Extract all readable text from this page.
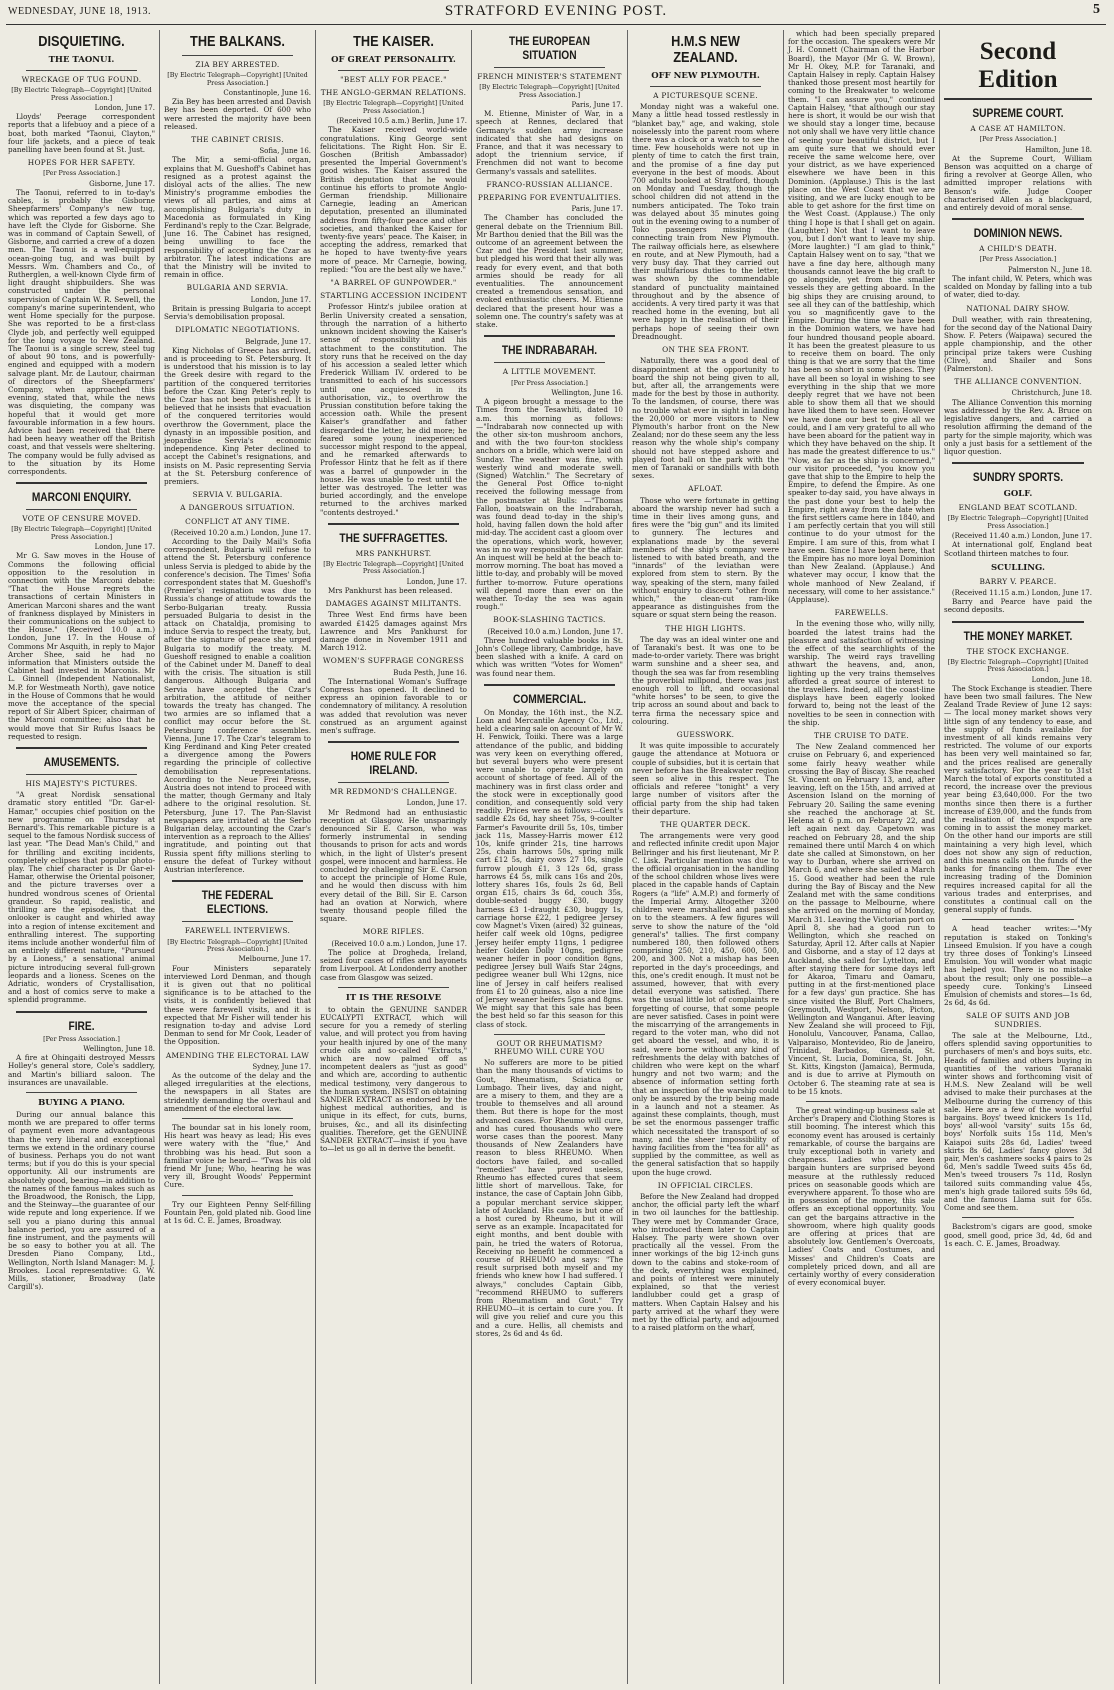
WEDNESDAY, JUNE 18, 1913.	STRATFORD EVENING POST.	5
DISQUIETING.
THE TAONUI.
WRECKAGE OF TUG FOUND.
[By Electric Telegraph—Copyright] [United Press Association.]
London, June 17.

Lloyds' Peerage correspondent reports that a lifebuoy and a piece of a boat, both marked "Taonui, Clayton," four life jackets, and a piece of teak panelling have been found at St. Just.

HOPES FOR HER SAFETY.
[Per Press Association.]
Gisborne, June 17.

The Taonui, referred to in to-day's cables, is probably the Gisborne Sheepfarmers' Company's new tug, which was reported a few days ago to have left the Clyde for Gisborne. She was in command of Captain Sewell, of Gisborne, and carried a crew of a dozen men. The Taonui is a well-equipped ocean-going tug, and was built by Messrs. Wm. Chambers and Co., of Rutherglen, a well-known Clyde firm of light draught shipbuilders. She was constructed under the personal supervision of Captain W. R. Sewell, the company's marine superintendent, who went Home specially for the purpose. She was reported to be a first-class Clyde job, and perfectly well equipped for the long voyage to New Zealand. The Taonui is a single screw, steel tug of about 90 tons, and is powerfully-engined and equipped with a modern salvage plant. Mr. de Lautour, chairman of directors of the Sheepfarmers' Company, when approached this evening, stated that, while the news was disquieting, the company was hopeful that it would get more favourable information in a few hours. Advice had been received that there had been heavy weather off the British coast, and that vessels were sheltering. The company would be fully advised as to the situation by its Home correspondents.

MARCONI ENQUIRY.
VOTE OF CENSURE MOVED.
[By Electric Telegraph—Copyright] [United Press Association.]
London, June 17.

Mr G. Saw moves in the House of Commons the following official opposition to the resolution in connection with the Marconi debate: "That the House regrets the transactions of certain Ministers in American Marconi shares and the want of frankness displayed by Ministers in their communications on the subject to the House." (Received 10.0 a.m.) London, June 17. In the House of Commons Mr Asquith, in reply to Major Archer Shee, said he had no information that Ministers outside the Cabinet had invested in Marconis. Mr L. Ginnell (Independent Nationalist, M.P. for Westmeath North), gave notice in the House of Commons that he would move the acceptance of the special report of Sir Albert Spicer, chairman of the Marconi committee; also that he would move that Sir Rufus Isaacs be requested to resign.

AMUSEMENTS.
HIS MAJESTY'S PICTURES.

"A great Nordisk sensational dramatic story entitled "Dr. Gar-el-Hamar," occupies chief position on the new programme on Thursday at Bernard's. This remarkable picture is a sequel to the famous Nordisk success of last year. "The Dead Man's Child," and for thrilling and exciting incidents, completely eclipses that popular photo-play. The chief character is Dr Gar-el-Hamar, otherwise the Oriental poisoner, and the picture traverses over a hundred wondrous scenes of Oriental grandeur. So rapid, realistic, and thrilling are the episodes, that the onlooker is caught and whirled away into a region of intense excitement and enthralling interest. The supporting items include another wonderful film of an entirely different nature, "Pursued by a Lioness," a sensational animal picture introducing several full-grown leopards and a lioness. Scenes on the Adriatic, wonders of Crystallisation, and a host of comics serve to make a splendid programme.

FIRE.
[Per Press Association.]
Wellington, June 18.

A fire at Ohingaiti destroyed Messrs Holley's general store, Cole's saddlery, and Martin's billiard saloon. The insurances are unavailable.

BUYING A PIANO.

During our annual balance this month we are prepared to offer terms of payment even more advantageous than the very liberal and exceptional terms we extend in the ordinary course of business. Perhaps you do not want terms; but if you do this is your special opportunity. All our instruments are absolutely good, bearing—in addition to the names of the famous makes such as the Broadwood, the Ronisch, the Lipp, and the Steinway—the guarantee of our wide repute and long experience. If we sell you a piano during this annual balance period, you are assured of a fine instrument, and the payments will be so easy to bother you at all. The Dresden Piano Company, Ltd., Wellington, North Island Manager: M. J. Brookes. Local representative: G. W. Mills, stationer, Broadway (late Cargill's).

THE BALKANS.
ZIA BEY ARRESTED.
[By Electric Telegraph—Copyright] [United Press Association.]
Constantinople, June 16.

Zia Bey has been arrested and Davish Bey has been deported. Of 600 who were arrested the majority have been released.

THE CABINET CRISIS.
Sofia, June 16.

The Mir, a semi-official organ, explains that M. Gueshoff's Cabinet has resigned as a protest against the disloyal acts of the allies. The new Ministry's programme embodies the views of all parties, and aims at accomplishing Bulgaria's duty in Macedonia as formulated in King Ferdinand's reply to the Czar. Belgrade, June 16. The Cabinet has resigned, being unwilling to face the responsibility of accepting the Czar as arbitrator. The latest indications are that the Ministry will be invited to remain in office.

BULGARIA AND SERVIA.
London, June 17.

Britain is pressing Bulgaria to accept Servia's demobilisation proposal.

DIPLOMATIC NEGOTIATIONS.
Belgrade, June 17.

King Nicholas of Greece has arrived, and is proceeding to St. Petersburg. It is understood that his mission is to lay the Greek desire with regard to the partition of the conquered territories before the Czar. King Peter's reply to the Czar has not been published. It is believed that he insists that evacuation of the conquered territories would overthrow the Government, place the dynasty in an impossible position, and jeopardise Servia's economic independence. King Peter declined to accept the Cabinet's resignations, and insists on M. Pasic representing Servia at the St. Petersburg conference of premiers.

SERVIA V. BULGARIA.
A DANGEROUS SITUATION.
CONFLICT AT ANY TIME.
(Received 10.20 a.m.) London, June 17.

According to the Daily Mail's Sofia correspondent, Bulgaria will refuse to attend the St. Petersburg conference unless Servia is pledged to abide by the conference's decision. The Times' Sofia correspondent states that M. Gueshoff's (Premier's) resignation was due to Russia's change of attitude towards the Serbo-Bulgarian treaty. Russia persuaded Bulgaria to desist in the attack on Chataldja, promising to induce Servia to respect the treaty, but, after the signature of peace she urged Bulgaria to modify the treaty. M. Gueshoff resigned to enable a coalition of the Cabinet under M. Daneff to deal with the crisis. The situation is still dangerous. Although Bulgaria and Servia have accepted the Czar's arbitration, the attitude of neither towards the treaty has changed. The two armies are so inflamed that a conflict may occur before the St. Petersburg conference assembles. Vienna, June 17. The Czar's telegram to King Ferdinand and King Peter created a divergence among the Powers regarding the principle of collective demobilisation representations. According to the Neue Frei Presse, Austria does not intend to proceed with the matter, though Germany and Italy adhere to the original resolution. St. Petersburg, June 17. The Pan-Slavist newspapers are irritated at the Serbo Bulgarian delay, accounting the Czar's intervention as a reproach to the Allies' ingratitude, and pointing out that Russia spent fifty millions sterling to ensure the defeat of Turkey without Austrian interference.

THE FEDERAL ELECTIONS.
FAREWELL INTERVIEWS.
[By Electric Telegraph—Copyright] [United Press Association.]
Melbourne, June 17.

Four Ministers separately interviewed Lord Denman, and though it is given out that no political significance is to be attached to the visits, it is confidently believed that these were farewell visits, and it is expected that Mr Fisher will tender his resignation to-day and advise Lord Denman to send for Mr Cook, Leader of the Opposition.

AMENDING THE ELECTORAL LAW
Sydney, June 17.

As the outcome of the delay and the alleged irregularities at the elections, the newspapers in all States are stridently demanding the overhaul and amendment of the electoral law.

The boundar sat in his lonely room, His heart was heavy as lead; His eves were watery with the "flue," And throbbing was his head. But soon a familiar voice he heard— "Twas his old friend Mr June; Who, hearing he was very ill, Brought Woods' Peppermint Cure.

Try our Eighteen Penny Self-filling Fountain Pen, gold plated nib. Good line at 1s 6d. C. E. James, Broadway.

THE KAISER.
OF GREAT PERSONALITY.
"BEST ALLY FOR PEACE."
THE ANGLO-GERMAN RELATIONS.
[By Electric Telegraph—Copyright] [United Press Association.]
(Received 10.5 a.m.) Berlin, June 17.

The Kaiser received world-wide congratulations. King George sent felicitations. The Right Hon. Sir E. Goschen (British Ambassador) presented the Imperial Government's good wishes. The Kaiser assured the British deputation that he would continue his efforts to promote Anglo-German friendship. Millionaire Carnegie, leading an American deputation, presented an illuminated address from fifty-four peace and other societies, and thanked the Kaiser for twenty-five years' peace. The Kaiser, in accepting the address, remarked that he hoped to have twenty-five years more of peace. Mr Carnegie, bowing, replied: "You are the best ally we have."

"A BARREL OF GUNPOWDER."
STARTLING ACCESSION INCIDENT

Professor Hintz's jubilee oration at Berlin University created a sensation, through the narration of a hitherto unknown incident showing the Kaiser's sense of responsibility and his attachment to the constitution. The story runs that he received on the day of his accession a sealed letter which Frederick William IV. ordered to be transmitted to each of his successors until one acquiesced in its authorisation, viz., to overthrow the Prussian constitution before taking the accession oath. While the present Kaiser's grandfather and father disregarded the letter, he did more; he feared some young inexperienced successor might respond to the appeal, and he remarked afterwards to Professor Hintz that he felt as if there was a barrel of gunpowder in the house. He was unable to rest until the letter was destroyed. The letter was buried accordingly, and the envelope returned to the archives marked "contents destroyed."

THE SUFFRAGETTES.
MRS PANKHURST.
[By Electric Telegraph—Copyright] [United Press Association.]
London, June 17.

Mrs Pankhurst has been released.

DAMAGES AGAINST MILITANTS.

Three West End firms have been awarded £1425 damages against Mrs Lawrence and Mrs Pankhurst for damage done in November 1911 and March 1912.

WOMEN'S SUFFRAGE CONGRESS
Buda Pesth, June 16.

The International Woman's Suffrage Congress has opened. It declined to express an opinion favorable to or condemnatory of militancy. A resolution was added that revolution was never construed as an argument against men's suffrage.

HOME RULE FOR IRELAND.
MR REDMOND'S CHALLENGE.
London, June 17.

Mr Redmond had an enthusiastic reception at Glasgow. He unsparingly denounced Sir E. Carson, who was formerly instrumental in sending thousands to prison for acts and words which, in the light of Ulster's present gospel, were innocent and harmless. He concluded by challenging Sir E. Carson to accept the principle of Home Rule, and he would then discuss with him every detail of the Bill. Sir E. Carson had an ovation at Norwich, where twenty thousand people filled the square.

MORE RIFLES.
(Received 10.0 a.m.) London, June 17.

The police at Drogheda, Ireland, seized four cases of rifles and bayonets from Liverpool. At Londonderry another case from Glasgow was seized.

IT IS THE RESOLVE

to obtain the GENUINE SANDER EUCALYPTI EXTRACT, which will secure for you a remedy of sterling value, and will protect you from having your health injured by one of the many crude oils and so-called "Extracts," which are now palmed off as incompetent dealers as "just as good" and which are, according to authentic medical testimony, very dangerous to the human system. INSIST on obtaining SANDER EXTRACT as endorsed by the highest medical authorities, and is unique in its effect, for cuts, burns, bruises, &c., and all its disinfecting qualities. Therefore, get the GENUINE SANDER EXTRACT—insist if you have to—let us go all in derive the benefit.

THE EUROPEAN SITUATION
FRENCH MINISTER'S STATEMENT
[By Electric Telegraph—Copyright] [United Press Association.]
Paris, June 17.

M. Etienne, Minister of War, in a speech at Rennes, declared that Germany's sudden army increase indicated that she had designs on France, and that it was necessary to adopt the triennium service, if Frenchmen did not want to become Germany's vassals and satellites.

FRANCO-RUSSIAN ALLIANCE.
PREPARING FOR EVENTUALITIES.
Paris, June 17.

The Chamber has concluded the general debate on the Triennium Bill. Mr Barthou denied that the Bill was the outcome of an agreement between the Czar and the President last summer, but pledged his word that their ally was ready for every event, and that both armies should be ready for all eventualities. The announcement created a tremendous sensation, and evoked enthusiastic cheers. M. Etienne declared that the present hour was a solemn one. The country's safety was at stake.

THE INDRABARAH.
A LITTLE MOVEMENT.
[Per Press Association.]
Wellington, June 16.

A pigeon brought a message to the Times from the Tesawhiti, dated 10 a.m. this morning as follows:—"Indrabarah now connected up with the other six-ton mushroom anchors, and with the two four-ton stockless anchors on a bridle, which were laid on Sunday. The weather was fine, with westerly wind and moderate swell. (Signed) Watchlin." The Secretary of the General Post Office to-night received the following message from the postmaster at Bulls: —"Thomas Fallon, boatswain on the Indrabarah, was found dead to-day in the ship's hold, having fallen down the hold after mid-day. The accident cast a gloom over the operations, which work, however, was in no way responsible for the affair. An inquest will be held at the beach to-morrow morning. The boat has moved a little to-day, and probably will be moved further to-morrow. Future operations will depend more than ever on the weather. To-day the sea was again rough."

BOOK-SLASHING TACTICS.
(Received 10.0 a.m.) London, June 17.

Three hundred valuable books in St. John's College library, Cambridge, have been slashed with a knife. A card on which was written "Votes for Women" was found near them.

COMMERCIAL.

On Monday, the 16th inst., the N.Z. Loan and Mercantile Agency Co., Ltd., held a clearing sale on account of Mr W. H. Fenwick, Toiiki. There was a large attendance of the public, and bidding was very keen on everything offered, but several buyers who were present were unable to operate largely on account of shortage of feed. All of the machinery was in first class order and the stock were in exceptionally good condition, and consequently sold very readily. Prices were as follows:—Gent's saddle £2s 6d, hay sheet 75s, 9-coulter Farmer's Favourite drill 5s, 10s, timber jack 11s, Massey-Harris mower £12 10s, knife grinder 21s, tine harrows 25s, chain harrows 50s, spring milk cart £12 5s, dairy cows 27 10s, single furrow plough £1, 3 12s 6d, grass harrows £4 5s, milk cans 16s and 20s, lottery shares 16s, fouls 2s 6d, Bell organ £15, chairs 3s 6d, couch 35s, double-seated buggy £30, buggy harness £3 1-draught £30, buggy 1s, carriage horse £22, 1 pedigree Jersey cow Magnet's Vixen (aired) 32 guineas, heifer calf week old 10gns, pedigree Jersey heifer empty 11gns, 1 pedigree heifer Golden Dolly 10gns, pedigree weaner heifer in poor condition 8gns, pedigree Jersey bull Waifs Star 24gns, pedigree weaner bull Whi 12gns, nice line of Jersey in calf heifers realised from £1 to 20 guineas, also a nice line of Jersey weaner heifers 5gns and 8gns. We might say that this sale has been the best held so far this season for this class of stock.

GOUT OR RHEUMATISM? RHEUMO WILL CURE YOU

No sufferers are more to be pitied than the many thousands of victims to Gout, Rheumatism, Sciatica or Lumbago. Their lives, day and night, are a misery to them, and they are a trouble to themselves and all around them. But there is hope for the most advanced cases. For Rheumo will cure, and has cured thousands who were worse cases than the poorest. Many thousands of New Zealanders have reason to bless RHEUMO. When doctors have failed, and so-called "remedies" have proved useless, Rheumo has effected cures that seem little short of marvellous. Take, for instance, the case of Captain John Gibb, a popular merchant service skipper, late of Auckland. His case is but one of a host cured by Rheumo, but it will serve as an example. Incapacitated for eight months, and bent double with pain, he tried the waters of Rotorua, Receiving no benefit he commenced a course of RHEUMO and says: "The result surprised both myself and my friends who knew how I had suffered. I always," concludes Captain Gibb, "recommend RHEUMO to sufferers from Rheumatism and Gout." Try RHEUMO—it is certain to cure you. It will give you relief and cure you this and a cure. Hellis, all chemists and stores, 2s 6d and 4s 6d.

H.M.S NEW ZEALAND.
OFF NEW PLYMOUTH.
A PICTURESQUE SCENE.

Monday night was a wakeful one. Many a little head tossed restlessly in "blanket bay," age, and waking, stole noiselessly into the parent room where there was a clock or a watch to see the time. Few households were not up in plenty of time to catch the first train, and the promise of a fine day put everyone in the best of moods. About 700 adults booked at Stratford, though on Monday and Tuesday, though the school children did not attend in the numbers anticipated. The Toko train was delayed about 35 minutes going out in the evening owing to a number of Toko passengers missing the connecting train from New Plymouth. The railway officials here, as elsewhere en route, and at New Plymouth, had a very busy day. That they carried out their multifarious duties to the letter, was shown by the commendable standard of punctuality maintained throughout and by the absence of accidents. A very tired party it was that reached home in the evening, but all were happy in the realisation of their perhaps hope of seeing their own Dreadnought.

ON THE SEA FRONT.

Naturally, there was a good deal of disappointment at the opportunity to board the ship not being given to all, but, after all, the arrangements were made for the best by those in authority. To the landsmen, of course, there was no trouble what ever in sight in landing the 20,000 or more visitors to New Plymouth's harbor front on the New Zealand; nor do these seem any the less reason why the whole ship's company should not have stepped ashore and played foot ball on the park with the men of Taranaki or sandhills with both sexes.

AFLOAT.

Those who were fortunate in getting aboard the warship never had such a time in their lives among guns, and fires were the "big gun" and its limited to gunnery. The lectures and explanations made by the several members of the ship's company were listened to with bated breath, and the "innards" of the leviathan were explored from stem to stern. By the way, speaking of the stern, many failed without enquiry to discern "other from which," the clean-cut ram-like appearance as distinguishes from the square or squat stern being the reason.

THE HIGH LIGHTS.

The day was an ideal winter one and of Taranaki's best. It was one to be made-to-order variety. There was bright warm sunshine and a sheer sea, and though the sea was far from resembling the proverbial millpond, there was just enough roll to lift, and occasional "white horses" to be seen, to give the trip across an sound about and back to terra firma the necessary spice and colouring.

GUESSWORK.

It was quite impossible to accurately gauge the attendance at Motuora or couple of subsidies, but it is certain that never before has the Breakwater region seen so alive in this respect. The officials and referee "tonight" a very large number of visitors after the official party from the ship had taken their departure.

THE QUARTER DECK.

The arrangements were very good and reflected infinite credit upon Major Bellringer and his first lieutenant, Mr P. C. Lisk. Particular mention was due to the official organisation in the handling of the school children whose lives were placed in the capable hands of Captain Rogers (a "life" A.M.P.) and formerly of the Imperial Army. Altogether 3200 children were marshalled and passed on to the steamers. A few figures will serve to show the nature of the "old general's" tallies. The first company numbered 180, then followed others comprising 250, 210, 450, 600, 500, 200, and 300. Not a mishap has been reported in the day's proceedings, and this, one's credit enough. It must not be assumed, however, that with every detail everyone was satisfied. There was the usual little lot of complaints re forgetting of course, that some people are never satisfied. Cases in point were the miscarrying of the arrangements in regard to the voter man, who did not get aboard the vessel, and who, it is said, were borne without any kind of refreshments the delay with batches of children who were kept on the wharf hungry and not two warm; and the absence of information setting forth that an inspection of the warship could only be assured by the trip being made in a launch and not a steamer. As against these complaints, though, must be set the enormous passenger traffic which necessitated the transport of so many, and the sheer impossibility of having facilities from the "tea for all" as supplied by the committee, as well as the general satisfaction that so happily upon the huge crowd.

IN OFFICIAL CIRCLES.

Before the New Zealand had dropped anchor, the official party left the wharf in two oil launches for the battleship. They were met by Commander Grace, who introduced them later to Captain Halsey. The party were shown over practically all the vessel. From the inner workings of the big 12-inch guns down to the cabins and stoke-room of the deck, everything was explained, and points of interest were minutely explained, so that the veriest landlubber could get a grasp of matters. When Captain Halsey and his party arrived at the wharf they were met by the official party, and adjourned to a raised platform on the wharf,

which had been specially prepared for the occasion. The speakers were Mr J. H. Connett (Chairman of the Harbor Board), the Mayor (Mr G. W. Brown), Mr H. Okey, M.P. for Taranaki, and Captain Halsey in reply. Captain Halsey thanked those present most heartily for coming to the Breakwater to welcome them. "I can assure you," continued Captain Halsey, "that although our stay here is short, it would be our wish that we should stay a longer time, because not only shall we have very little chance of seeing your beautiful district, but I am quite sure that we should ever receive the same welcome here, over your district, as we have experienced elsewhere we have been in this Dominion. (Applause.) This is the last place on the West Coast that we are visiting, and we are lucky enough to be able to get ashore for the first time on the West Coast. (Applause.) The only thing I hope is that I shall get on again. (Laughter.) Not that I want to leave you, but I don't want to leave my ship. (More laughter.) "I am glad to think," Captain Halsey went on to say, "that we have a fine day here, although many thousands cannot leave the big craft to go alongside, yet from the smaller vessels they are getting aboard. In the big ships they are cruising around, to see all they can of the battleship, which you so magnificently gave to the Empire. During the time we have been in the Dominion waters, we have had four hundred thousand people aboard. It has been the greatest pleasure to us to receive them on board. The only thing is that we are sorry that the time has been so short in some places. They have all been so loyal in wishing to see everything in the ship that we more deeply regret that we have not been able to show them all that we should have liked them to have seen. However we have done our best to give all we could, and I am very grateful to all who have been aboard for the patient way in which they have behaved on the ship. It has made the greatest difference to us." "Now, as far as the ship is concerned," our visitor proceeded, "you know you gave that ship to the Empire to help the Empire, to defend the Empire. As one speaker to-day said, you have always in the past done your best to help the Empire, right away from the date when the first settlers came here in 1840, and I am perfectly certain that you will still continue to do your utmost for the Empire. I am sure of this, from what I have seen. Since I have been here, that the Empire has no more loyal Dominion than New Zealand. (Applause.) And whatever may occur, I know that the whole manhood of New Zealand, if necessary, will come to her assistance." (Applause).

FAREWELLS.

In the evening those who, willy nilly, boarded the latest trains had the pleasure and satisfaction of witnessing the effect of the searchlights of the warship. The weird rays travelling athwart the heavens, and, anon, lighting up the very trains themselves afforded a great source of interest to the travellers. Indeed, all the coast-line displays have been eagerly looked forward to, being not the least of the novelties to be seen in connection with the ship.

THE CRUISE TO DATE.

The New Zealand commenced her cruise on February 6, and experienced some fairly heavy weather while crossing the Bay of Biscay. She reached St. Vincent on February 13, and, after leaving, left on the 15th, and arrived at Ascension Island on the morning of February 20. Sailing the same evening she reached the anchorage at St. Helena at 6 p.m. on February 22, and left again next day. Capetown was reached on February 28, and the ship remained there until March 4 on which date she called at Simonstown, on her way to Durban, where she arrived on March 6, and where she sailed a March 15. Good weather had been the rule during the Bay of Biscay and the New Zealand met with the same conditions on the passage to Melbourne, where she arrived on the morning of Monday, March 31. Leaving the Victorian port on April 8, she had a good run to Wellington, which she reached on Saturday, April 12. After calls at Napier and Gisborne, and a stay of 12 days at Auckland, she sailed for Lyttelton, and after staying there for some days left for Akaroa, Timaru and Oamaru, putting in at the first-mentioned place for a few days' gun practice. She has since visited the Bluff, Port Chalmers, Greymouth, Westport, Nelson, Picton, Wellington and Wanganui. After leaving New Zealand she will proceed to Fiji, Honolulu, Vancouver, Panama, Callao, Valparaiso, Montevideo, Rio de Janeiro, Trinidad, Barbados, Grenada, St. Vincent, St. Lucia, Dominica, St. John, St. Kitts, Kingston (Jamaica), Bermuda, and is due to arrive at Plymouth on October 6. The steaming rate at sea is to be 15 knots.

The great winding-up business sale at Archer's Drapery and Clothing Stores is still booming. The interest which this economy event has aroused is certainly remarkable, of course the bargains are truly exceptional both in variety and cheapness. Ladies who are keen bargain hunters are surprised beyond measure at the ruthlessly reduced prices on seasonable goods which are everywhere apparent. To those who are in possession of the money, this sale offers an exceptional opportunity. You can get the bargains attractive in the showroom, where high quality goods are offering at prices that are absolutely low. Gentlemen's Overcoats, Ladies' Coats and Costumes, and Misses' and Children's Coats are completely priced down, and all are certainly worthy of every consideration of every economical buyer.

Second Edition
SUPREME COURT.
A CASE AT HAMILTON.
[Per Press Association.]
Hamilton, June 18.

At the Supreme Court, William Benson was acquitted on a charge of firing a revolver at George Allen, who admitted improper relations with Benson's wife. Judge Cooper characterised Allen as a blackguard, and entirely devoid of moral sense.

DOMINION NEWS.
A CHILD'S DEATH.
[Per Press Association.]
Palmerston N., June 18.

The infant child, W. Peters, which was scalded on Monday by falling into a tub of water, died to-day.

NATIONAL DAIRY SHOW.

Dull weather, with rain threatening, for the second day of the National Dairy Show. F. Peters (Waipawa) secured the apple championship, and the other principal prize takers were Cushing (Clive), and Shailer and Sons (Palmerston).

THE ALLIANCE CONVENTION.
Christchurch, June 18.

The Alliance Convention this morning was addressed by the Rev. A. Bruce on legislative dangers, and carried a resolution affirming the demand of the party for the simple majority, which was only a just basis for a settlement of the liquor question.

SUNDRY SPORTS.
GOLF.
ENGLAND BEAT SCOTLAND.
[By Electric Telegraph—Copyright] [United Press Association.]
(Received 11.40 a.m.) London, June 17.

At international golf, England beat Scotland thirteen matches to four.

SCULLING.
BARRY V. PEARCE.
(Received 11.15 a.m.) London, June 17.

Barry and Pearce have paid the second deposits.

THE MONEY MARKET.
THE STOCK EXCHANGE.
[By Electric Telegraph—Copyright] [United Press Association.]
London, June 18.

The Stock Exchange is steadier. There have been two small failures. The New Zealand Trade Review of June 12 says:— The local money market shows very little sign of any tendency to ease, and the supply of funds available for investment of all kinds remains very restricted. The volume of our exports has been very well maintained so far, and the prices realised are generally very satisfactory. For the year to 31st March the total of exports constituted a record, the increase over the previous year being £3,640,000. For the two months since then there is a further increase of £39,000, and the funds from the realisation of these exports are coming in to assist the money market. On the other hand our imports are still maintaining a very high level, which does not show any sign of reduction, and this means calls on the funds of the banks for financing them. The ever increasing trading of the Dominion requires increased capital for all the various trades and enterprises, and constitutes a continual call on the general supply of funds.

A head teacher writes:—"My reputation is staked on Tonking's Linseed Emulsion. If you have a cough try three doses of Tonking's Linseed Emulsion. You will wonder what magic has helped you. There is no mistake about the result; only one possible—a speedy cure. Tonking's Linseed Emulsion of chemists and stores—1s 6d, 2s 6d, 4s 6d.

SALE OF SUITS AND JOB SUNDRIES.

The sale at the Melbourne, Ltd., offers splendid saving opportunities to purchasers of men's and boys suits, etc. Heads of families and others buying in quantities of the various Taranaki winter shows and forthcoming visit of H.M.S. New Zealand will be well advised to make their purchases at the Melbourne during the currency of this sale. Here are a few of the wonderful bargains. Boys' tweed knickers 1s 11d, boys' all-wool 'varsity' suits 15s 6d, boys' Norfolk suits 15s 11d, Men's Kaiapoi suits 28s 6d, Ladies' tweed skirts 8s 6d, Ladies' fancy gloves 3d pair, Men's cashmere socks 4 pairs to 2s 6d, Men's saddle Tweed suits 45s 6d, Men's tweed trousers 7s 11d, Roslyn tailored suits commanding value 45s, men's high grade tailored suits 59s 6d, and the famous Llama suit for 65s. Come and see them.

Backstrom's cigars are good, smoke good, smell good, price 3d, 4d, 6d and 1s each. C. E. James, Broadway.
